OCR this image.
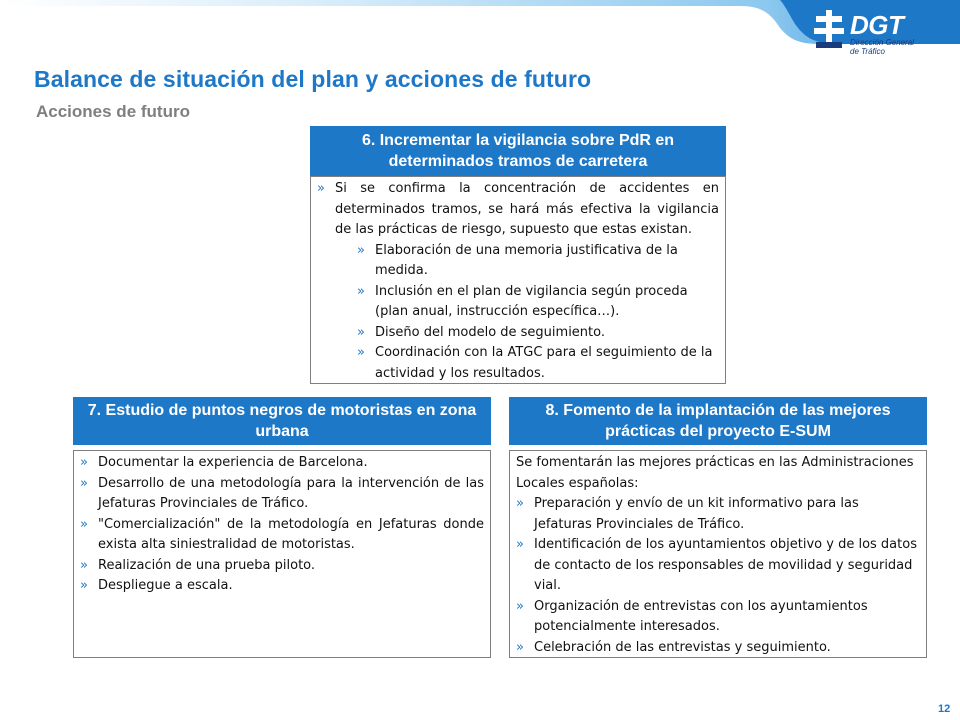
DGT
Dirección General
de Tráfico
Balance de situación del plan y acciones de futuro
Acciones de futuro
6. Incrementar la vigilancia sobre PdR en determinados tramos de carretera
» Si se confirma la concentración de accidentes en determinados tramos, se hará más efectiva la vigilancia de las prácticas de riesgo, supuesto que estas existan.
» Elaboración de una memoria justificativa de la medida.
» Inclusión en el plan de vigilancia según proceda (plan anual, instrucción específica…).
» Diseño del modelo de seguimiento.
» Coordinación con la ATGC para el seguimiento de la actividad y los resultados.
7. Estudio de puntos negros de motoristas en zona urbana
» Documentar la experiencia de Barcelona.
» Desarrollo de una metodología para la intervención de las Jefaturas Provinciales de Tráfico.
» "Comercialización" de la metodología en Jefaturas donde exista alta siniestralidad de motoristas.
» Realización de una prueba piloto.
» Despliegue a escala.
8. Fomento de la implantación de las mejores prácticas del proyecto E-SUM
Se fomentarán las mejores prácticas en las Administraciones Locales españolas:
» Preparación y envío de un kit informativo para las Jefaturas Provinciales de Tráfico.
» Identificación de los ayuntamientos objetivo y de los datos de contacto de los responsables de movilidad y seguridad vial.
» Organización de entrevistas con los ayuntamientos potencialmente interesados.
» Celebración de las entrevistas y seguimiento.
12
